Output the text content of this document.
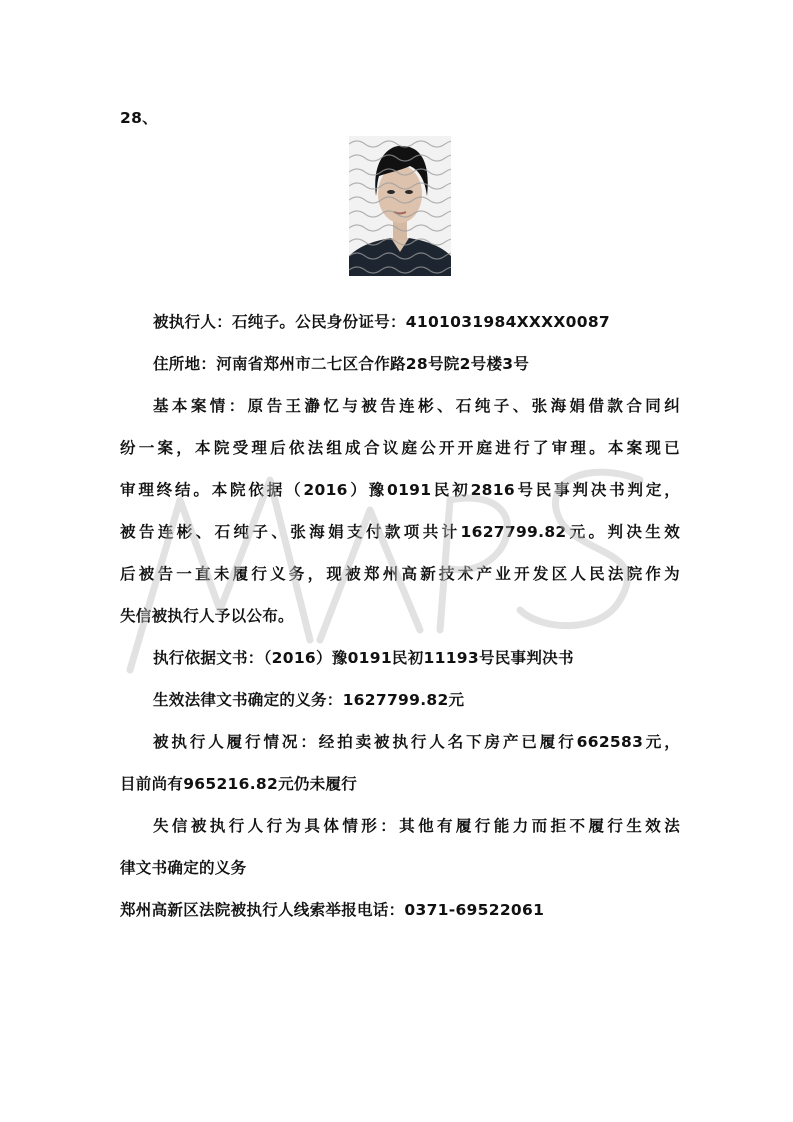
28、
被执行人：石纯子。公民身份证号：4101031984XXXX0087
住所地：河南省郑州市二七区合作路28号院2号楼3号
基本案情：原告王瀞忆与被告连彬、石纯子、张海娟借款合同纠
纷一案，本院受理后依法组成合议庭公开开庭进行了审理。本案现已
审理终结。本院依据（2016）豫0191民初2816号民事判决书判定，
被告连彬、石纯子、张海娟支付款项共计1627799.82元。判决生效
后被告一直未履行义务，现被郑州高新技术产业开发区人民法院作为
失信被执行人予以公布。
执行依据文书：（2016）豫0191民初11193号民事判决书
生效法律文书确定的义务：1627799.82元
被执行人履行情况：经拍卖被执行人名下房产已履行662583元，
目前尚有965216.82元仍未履行
失信被执行人行为具体情形：其他有履行能力而拒不履行生效法
律文书确定的义务
郑州高新区法院被执行人线索举报电话：0371-69522061
